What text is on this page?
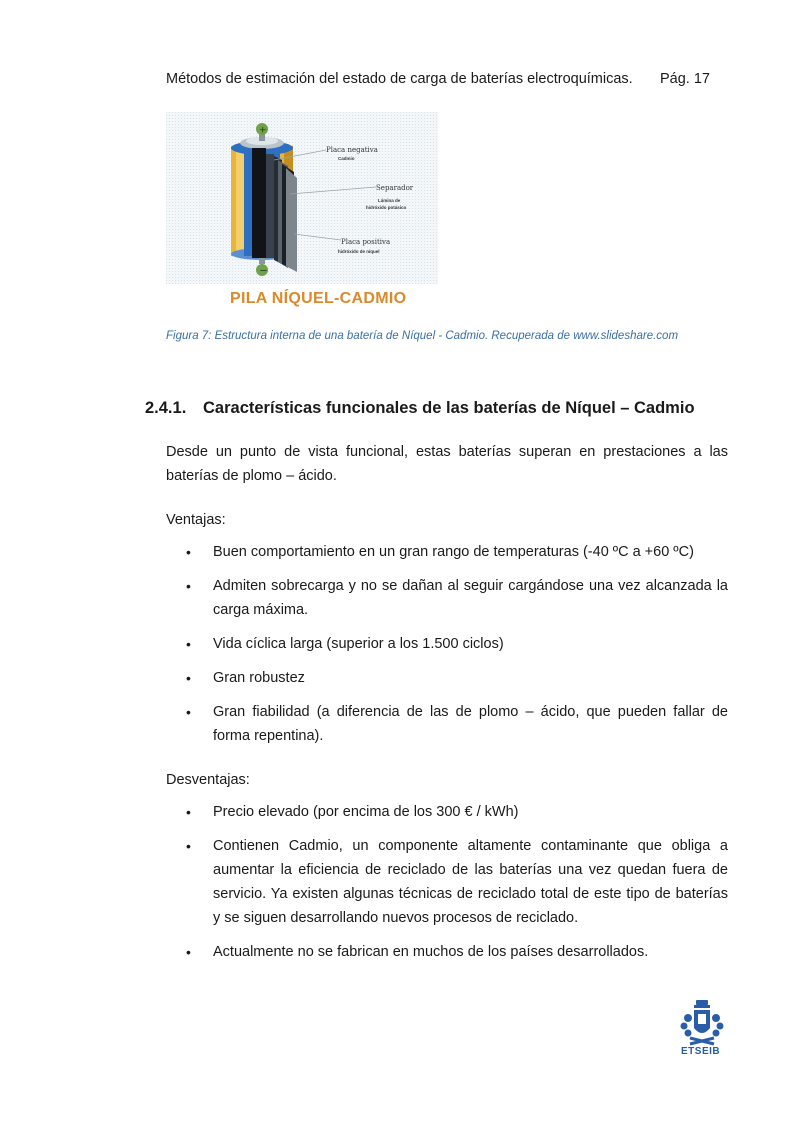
Métodos de estimación del estado de carga de baterías electroquímicas. Pág. 17
+
−
Placa negativa
Cadmio
Separador
Lámina de
hidróxido potásico
Placa positiva
hidróxido de níquel
PILA NÍQUEL-CADMIO
Figura 7: Estructura interna de una batería de Níquel - Cadmio. Recuperada de www.slideshare.com
2.4.1. Características funcionales de las baterías de Níquel – Cadmio
Desde un punto de vista funcional, estas baterías superan en prestaciones a las baterías de plomo – ácido.
Ventajas:
• Buen comportamiento en un gran rango de temperaturas (-40 ºC a +60 ºC)
• Admiten sobrecarga y no se dañan al seguir cargándose una vez alcanzada la carga máxima.
• Vida cíclica larga (superior a los 1.500 ciclos)
• Gran robustez
• Gran fiabilidad (a diferencia de las de plomo – ácido, que pueden fallar de forma repentina).
Desventajas:
• Precio elevado (por encima de los 300 € / kWh)
• Contienen Cadmio, un componente altamente contaminante que obliga a aumentar la eficiencia de reciclado de las baterías una vez quedan fuera de servicio. Ya existen algunas técnicas de reciclado total de este tipo de baterías y se siguen desarrollando nuevos procesos de reciclado.
• Actualmente no se fabrican en muchos de los países desarrollados.
ETSEIB
